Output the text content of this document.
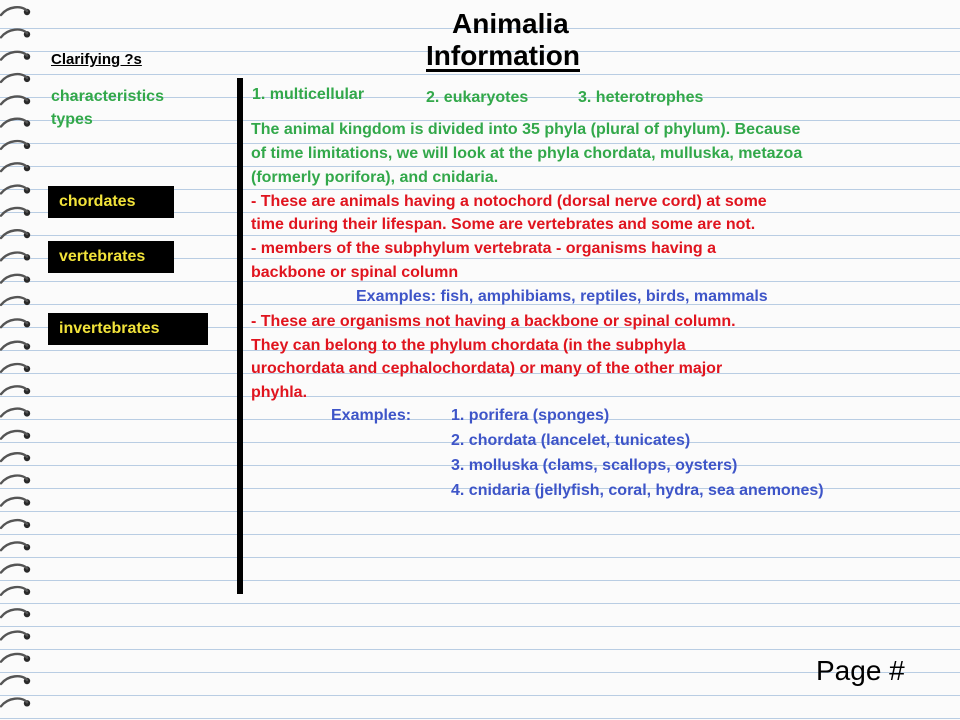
Animalia
Information
Clarifying ?s
characteristics
types
chordates
vertebrates
invertebrates
1. multicellular	2. eukaryotes	3. heterotrophes
The animal kingdom is divided into 35 phyla (plural of phylum). Because
of time limitations, we will look at the phyla chordata, mulluska, metazoa
(formerly porifora), and cnidaria.
- These are animals having a notochord (dorsal nerve cord) at some
time during their lifespan. Some are vertebrates and some are not.
- members of the subphylum vertebrata - organisms having a
backbone or spinal column
Examples: fish, amphibiams, reptiles, birds, mammals
- These are organisms not having a backbone or spinal column.
They can belong to the phylum chordata (in the subphyla
urochordata and cephalochordata) or many of the other major
phyhla.
Examples: 1. porifera (sponges)
2. chordata (lancelet, tunicates)
3. molluska (clams, scallops, oysters)
4. cnidaria (jellyfish, coral, hydra, sea anemones)
Page #
